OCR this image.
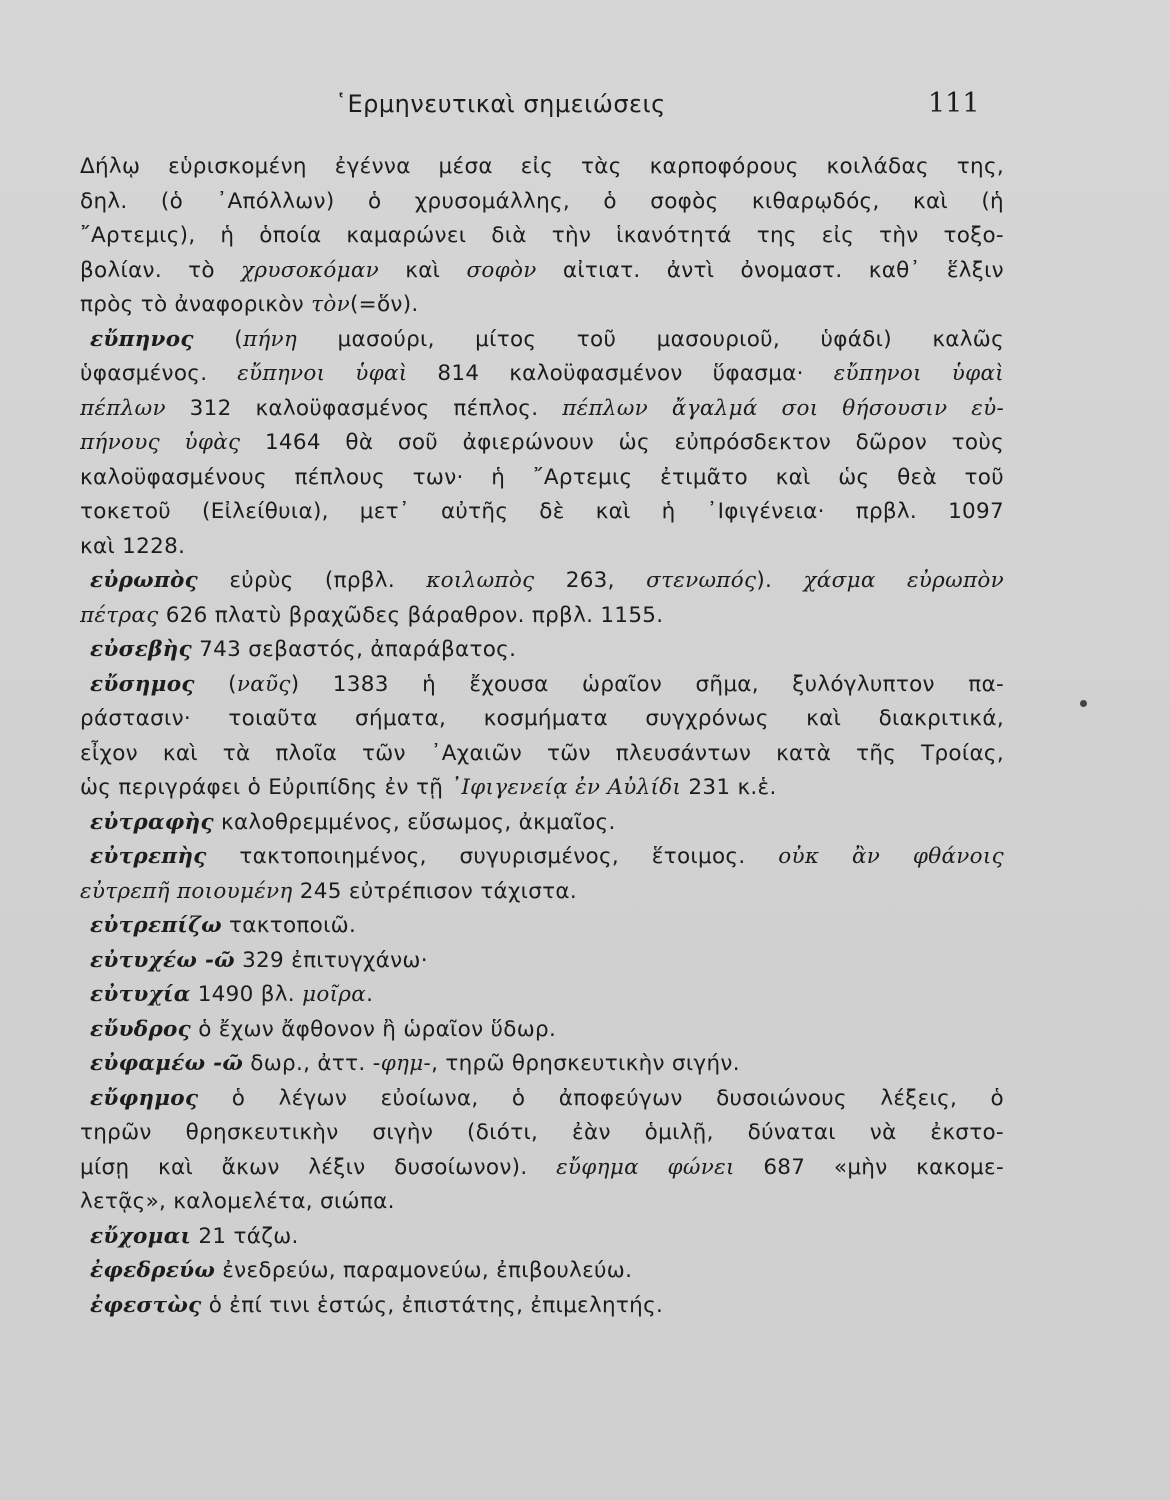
῾Ερμηνευτικαὶ σημειώσεις	111
Δήλῳ εὑρισκομένη ἐγέννα μέσα εἰς τὰς καρποφόρους κοιλάδας της,
δηλ. (ὁ ᾿Απόλλων) ὁ χρυσομάλλης, ὁ σοφὸς κιθαρῳδός, καὶ (ἡ
῎Αρτεμις), ἡ ὁποία καμαρώνει διὰ τὴν ἱκανότητά της εἰς τὴν τοξο-
βολίαν. τὸ χρυσοκόμαν καὶ σοφὸν αἰτιατ. ἀντὶ ὀνομαστ. καθ᾿ ἕλξιν
πρὸς τὸ ἀναφορικὸν τὸν(=ὅν).
εὔπηνος (πήνη μασούρι, μίτος τοῦ μασουριοῦ, ὑφάδι) καλῶς
ὑφασμένος. εὔπηνοι ὑφαὶ 814 καλοϋφασμένον ὕφασμα· εὔπηνοι ὑφαὶ
πέπλων 312 καλοϋφασμένος πέπλος. πέπλων ἄγαλμά σοι θήσουσιν εὐ-
πήνους ὑφὰς 1464 θὰ σοῦ ἀφιερώνουν ὡς εὐπρόσδεκτον δῶρον τοὺς
καλοϋφασμένους πέπλους των· ἡ ῎Αρτεμις ἐτιμᾶτο καὶ ὡς θεὰ τοῦ
τοκετοῦ (Εἰλείθυια), μετ᾿ αὐτῆς δὲ καὶ ἡ ᾿Ιφιγένεια· πρβλ. 1097
καὶ 1228.
εὐρωπὸς εὐρὺς (πρβλ. κοιλωπὸς 263, στενωπός). χάσμα εὐρωπὸν
πέτρας 626 πλατὺ βραχῶδες βάραθρον. πρβλ. 1155.
εὐσεβὴς 743 σεβαστός, ἀπαράβατος.
εὔσημος (ναῦς) 1383 ἡ ἔχουσα ὡραῖον σῆμα, ξυλόγλυπτον πα-
ράστασιν· τοιαῦτα σήματα, κοσμήματα συγχρόνως καὶ διακριτικά,
εἶχον καὶ τὰ πλοῖα τῶν ᾿Αχαιῶν τῶν πλευσάντων κατὰ τῆς Τροίας,
ὡς περιγράφει ὁ Εὐριπίδης ἐν τῇ ᾿Ιφιγενείᾳ ἐν Αὐλίδι 231 κ.ἑ.
εὐτραφὴς καλοθρεμμένος, εὔσωμος, ἀκμαῖος.
εὐτρεπὴς τακτοποιημένος, συγυρισμένος, ἕτοιμος. οὐκ ἂν φθάνοις
εὐτρεπῆ ποιουμένη 245 εὐτρέπισον τάχιστα.
εὐτρεπίζω τακτοποιῶ.
εὐτυχέω -ῶ 329 ἐπιτυγχάνω·
εὐτυχία 1490 βλ. μοῖρα.
εὔυδρος ὁ ἔχων ἄφθονον ἢ ὡραῖον ὕδωρ.
εὐφαμέω -ῶ δωρ., ἀττ. -φημ-, τηρῶ θρησκευτικὴν σιγήν.
εὔφημος ὁ λέγων εὐοίωνα, ὁ ἀποφεύγων δυσοιώνους λέξεις, ὁ
τηρῶν θρησκευτικὴν σιγὴν (διότι, ἐὰν ὁμιλῇ, δύναται νὰ ἐκστο-
μίσῃ καὶ ἄκων λέξιν δυσοίωνον). εὔφημα φώνει 687 «μὴν κακομε-
λετᾷς», καλομελέτα, σιώπα.
εὔχομαι 21 τάζω.
ἐφεδρεύω ἐνεδρεύω, παραμονεύω, ἐπιβουλεύω.
ἐφεστὼς ὁ ἐπί τινι ἑστώς, ἐπιστάτης, ἐπιμελητής.
